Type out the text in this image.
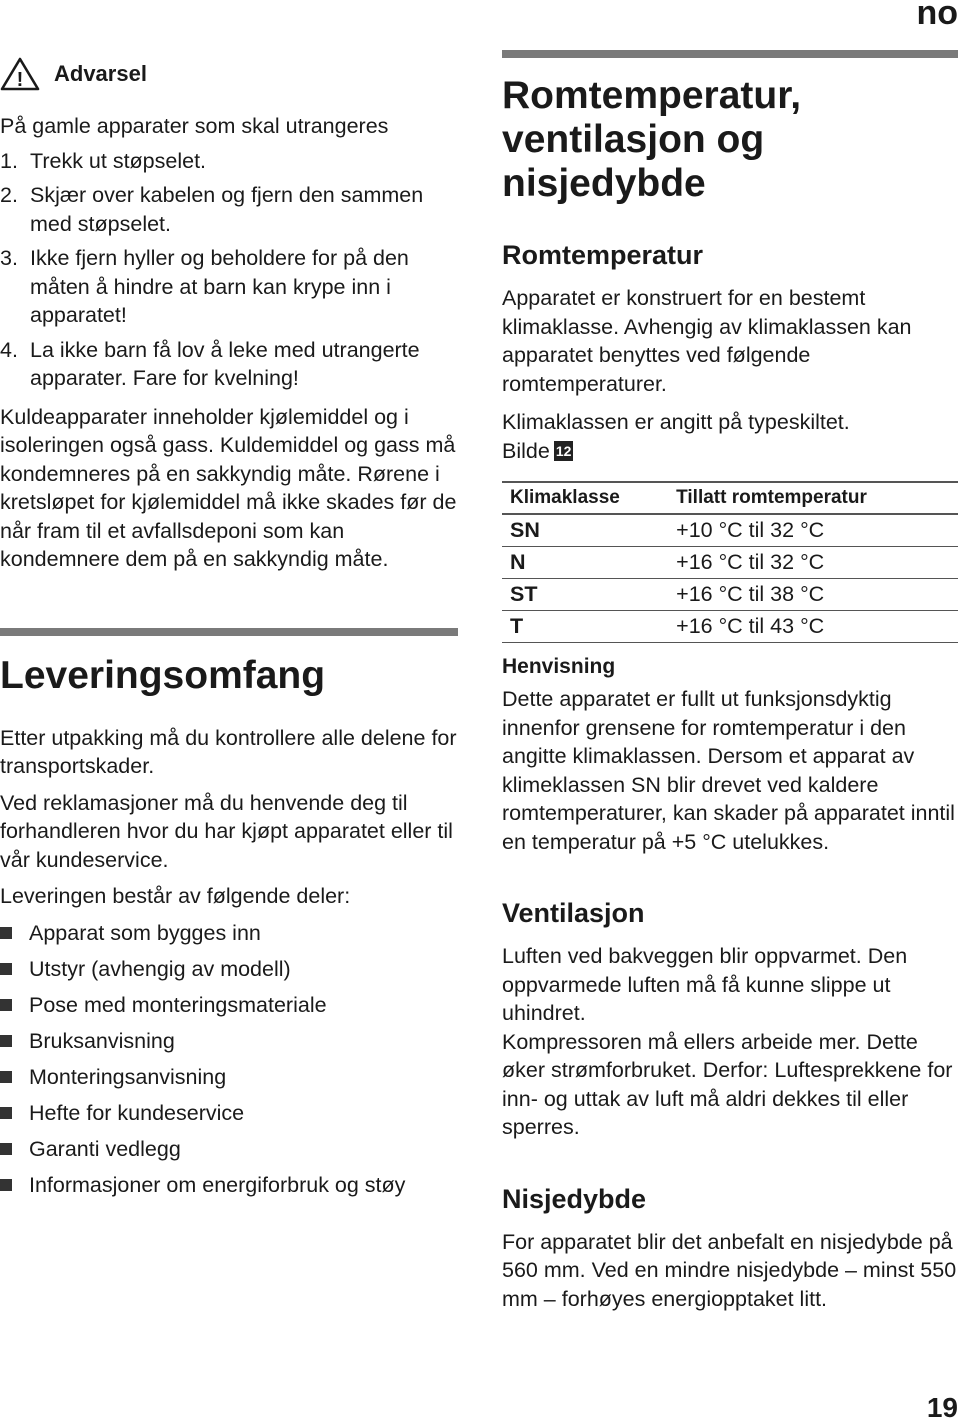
no
! Advarsel

På gamle apparater som skal utrangeres

1. Trekk ut støpselet.
2. Skjær over kabelen og fjern den sammen med støpselet.
3. Ikke fjern hyller og beholdere for på den måten å hindre at barn kan krype inn i apparatet!
4. La ikke barn få lov å leke med utrangerte apparater. Fare for kvelning!

Kuldeapparater inneholder kjølemiddel og i isoleringen også gass. Kuldemiddel og gass må kondemneres på en sakkyndig måte. Rørene i kretsløpet for kjølemiddel må ikke skades før de når fram til et avfallsdeponi som kan kondemnere dem på en sakkyndig måte.

Leveringsomfang

Etter utpakking må du kontrollere alle delene for transportskader.

Ved reklamasjoner må du henvende deg til forhandleren hvor du har kjøpt apparatet eller til vår kundeservice.

Leveringen består av følgende deler:

Apparat som bygges inn
Utstyr (avhengig av modell)
Pose med monteringsmateriale
Bruksanvisning
Monteringsanvisning
Hefte for kundeservice
Garanti vedlegg
Informasjoner om energiforbruk og støy
Romtemperatur, ventilasjon og nisjedybde
Romtemperatur

Apparatet er konstruert for en bestemt klimaklasse. Avhengig av klimaklassen kan apparatet benyttes ved følgende romtemperaturer.

Klimaklassen er angitt på typeskiltet.
Bilde 12

Klimaklasse	Tillatt romtemperatur
SN	+10 °C til 32 °C
N	+16 °C til 32 °C
ST	+16 °C til 38 °C
T	+16 °C til 43 °C
Henvisning

Dette apparatet er fullt ut funksjonsdyktig innenfor grensene for romtemperatur i den angitte klimaklassen. Dersom et apparat av klimeklassen SN blir drevet ved kaldere romtemperaturer, kan skader på apparatet inntil en temperatur på +5 °C utelukkes.

Ventilasjon

Luften ved bakveggen blir oppvarmet. Den oppvarmede luften må få kunne slippe ut uhindret.

Kompressoren må ellers arbeide mer. Dette øker strømforbruket. Derfor: Luftesprekkene for inn- og uttak av luft må aldri dekkes til eller sperres.

Nisjedybde

For apparatet blir det anbefalt en nisjedybde på 560 mm. Ved en mindre nisjedybde – minst 550 mm – forhøyes energiopptaket litt.

19
